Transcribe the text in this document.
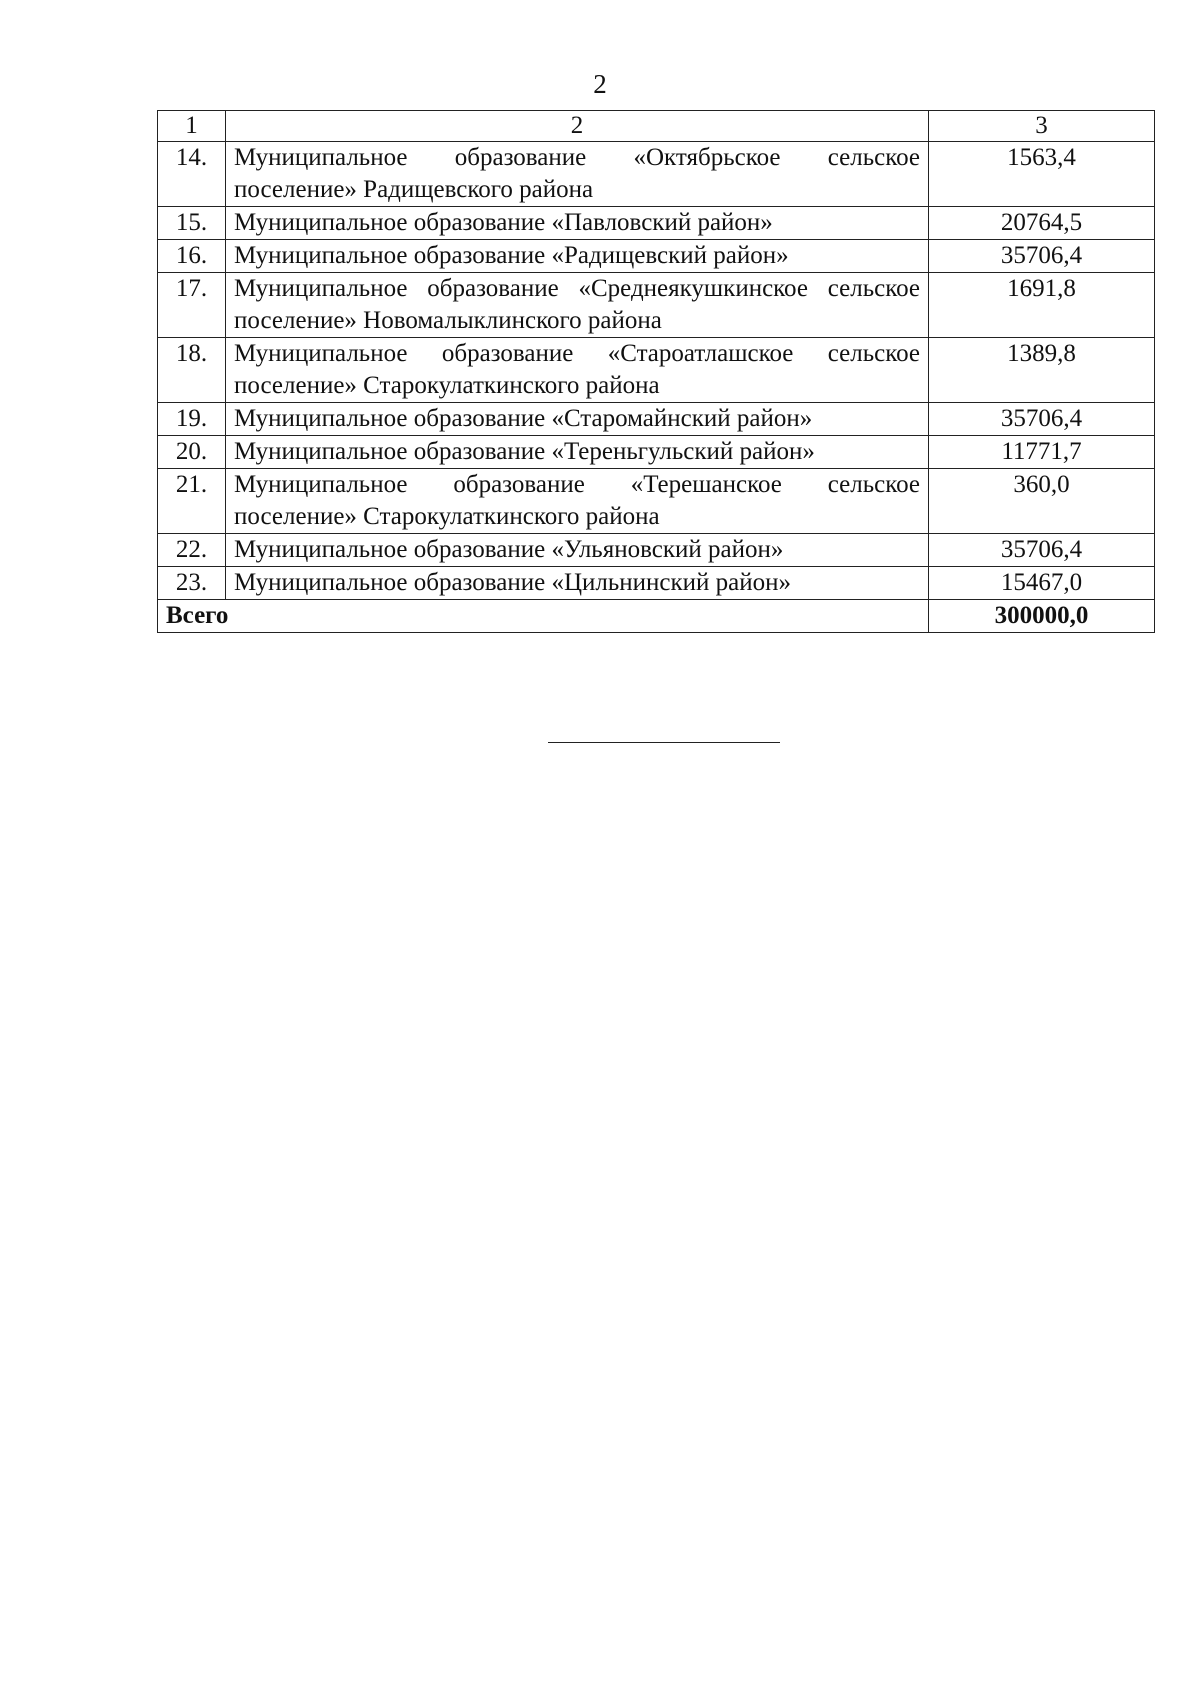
2
1	2	3
14.	Муниципальное образование «Октябрьское сельское поселение» Радищевского района	1563,4
15.	Муниципальное образование «Павловский район»	20764,5
16.	Муниципальное образование «Радищевский район»	35706,4
17.	Муниципальное образование «Среднеякушкинское сельское поселение» Новомалыклинского района	1691,8
18.	Муниципальное образование «Староатлашское сельское поселение» Старокулаткинского района	1389,8
19.	Муниципальное образование «Старомайнский район»	35706,4
20.	Муниципальное образование «Тереньгульский район»	11771,7
21.	Муниципальное образование «Терешанское сельское поселение» Старокулаткинского района	360,0
22.	Муниципальное образование «Ульяновский район»	35706,4
23.	Муниципальное образование «Цильнинский район»	15467,0
Всего		300000,0
